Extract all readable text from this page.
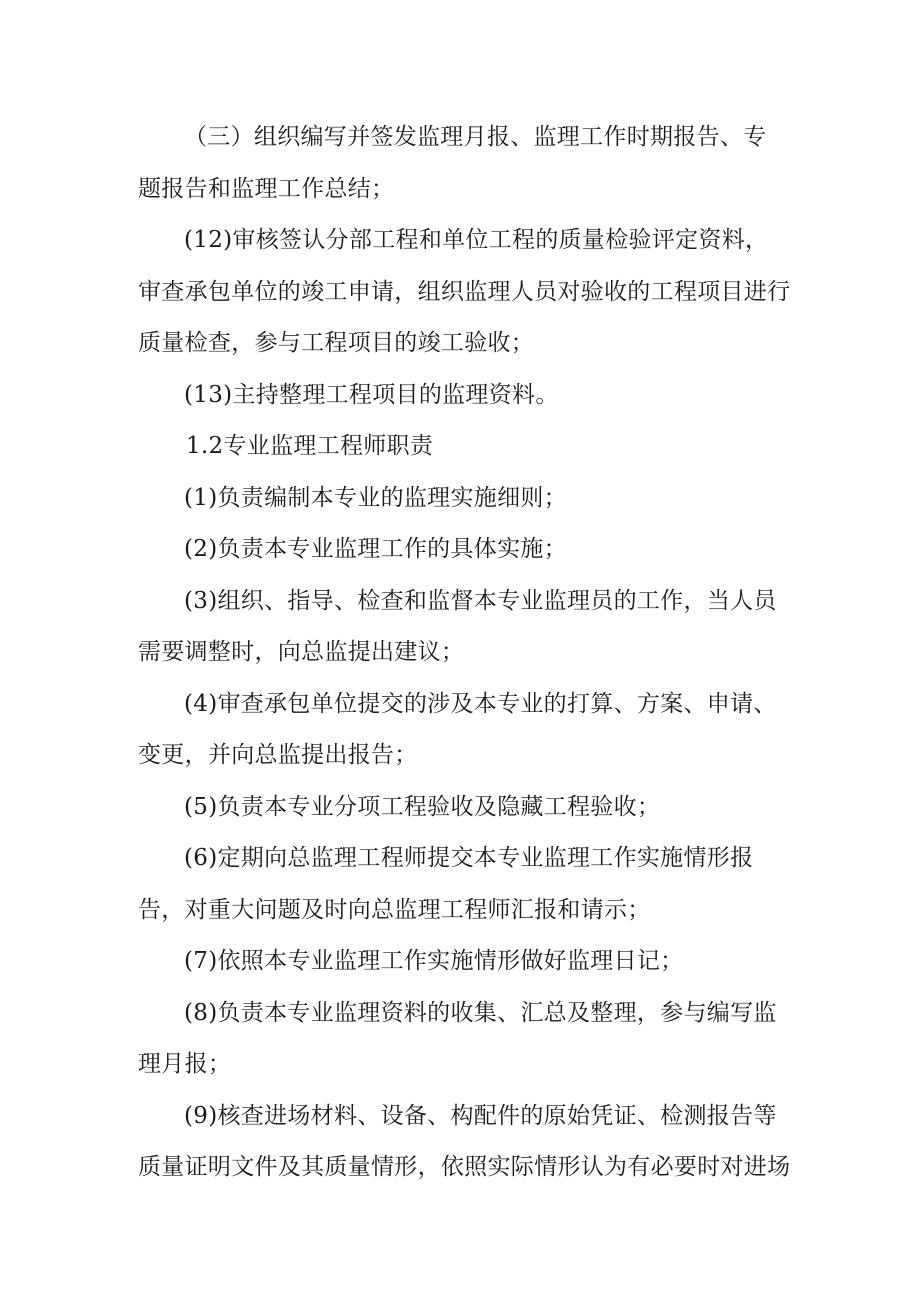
（三）组织编写并签发监理月报、监理工作时期报告、专
题报告和监理工作总结；
(12)审核签认分部工程和单位工程的质量检验评定资料，
审查承包单位的竣工申请，组织监理人员对验收的工程项目进行
质量检查，参与工程项目的竣工验收；
(13)主持整理工程项目的监理资料。
1.2专业监理工程师职责
(1)负责编制本专业的监理实施细则；
(2)负责本专业监理工作的具体实施；
(3)组织、指导、检查和监督本专业监理员的工作，当人员
需要调整时，向总监提出建议；
(4)审查承包单位提交的涉及本专业的打算、方案、申请、
变更，并向总监提出报告；
(5)负责本专业分项工程验收及隐藏工程验收；
(6)定期向总监理工程师提交本专业监理工作实施情形报
告，对重大问题及时向总监理工程师汇报和请示；
(7)依照本专业监理工作实施情形做好监理日记；
(8)负责本专业监理资料的收集、汇总及整理，参与编写监
理月报；
(9)核查进场材料、设备、构配件的原始凭证、检测报告等
质量证明文件及其质量情形，依照实际情形认为有必要时对进场
